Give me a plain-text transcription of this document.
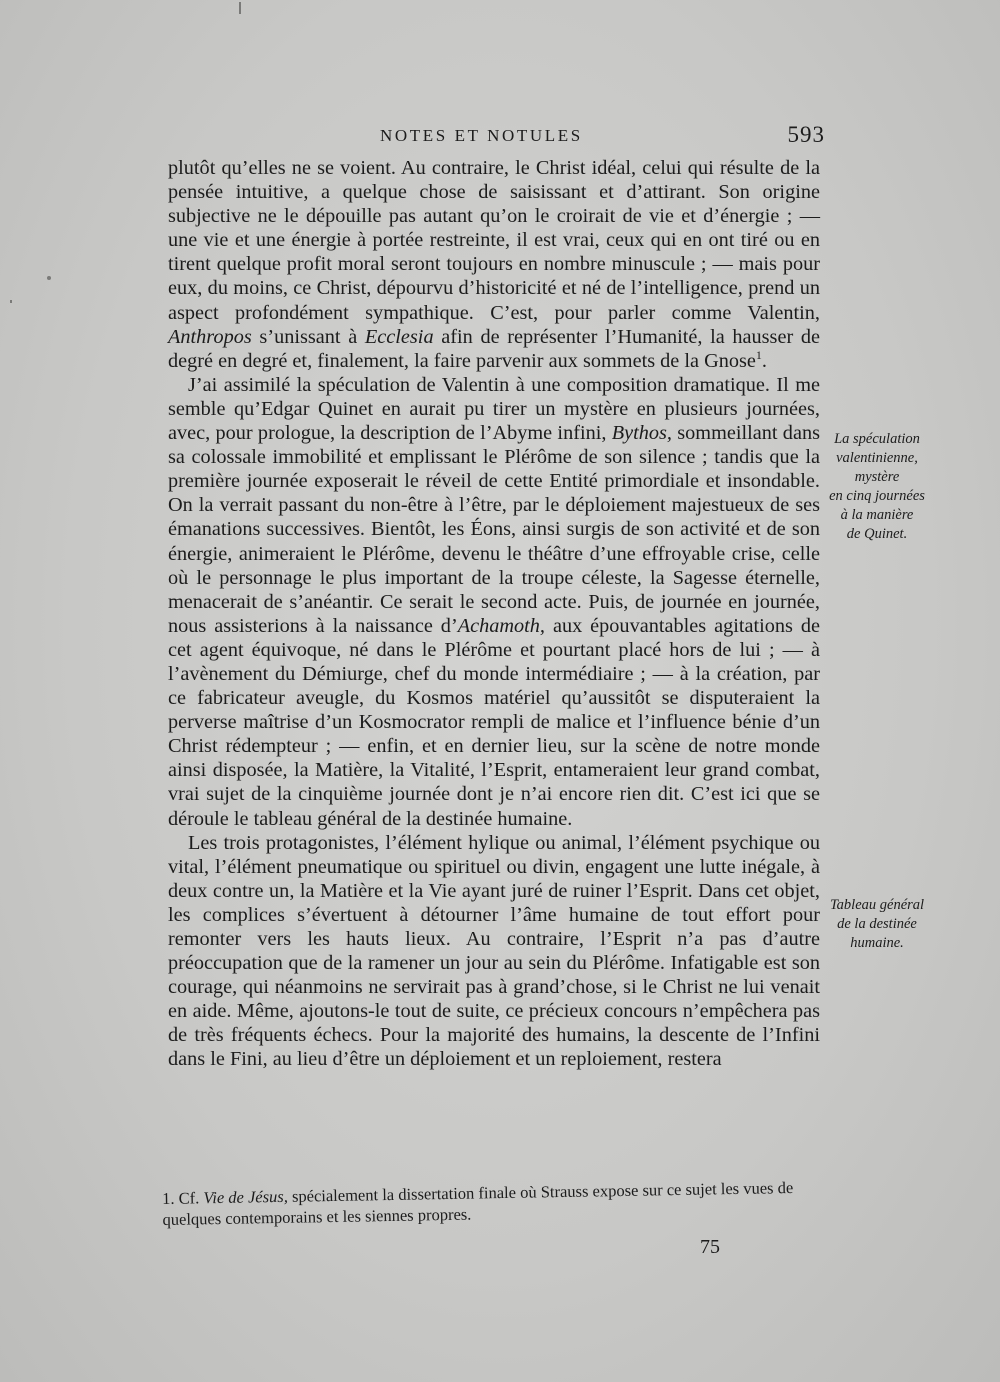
NOTES ET NOTULES	593

plutôt qu’elles ne se voient. Au contraire, le Christ idéal, celui qui résulte de la pensée intuitive, a quelque chose de saisissant et d’attirant. Son origine subjective ne le dépouille pas autant qu’on le croirait de vie et d’énergie ; — une vie et une énergie à portée restreinte, il est vrai, ceux qui en ont tiré ou en tirent quelque profit moral seront toujours en nombre minuscule ; — mais pour eux, du moins, ce Christ, dépourvu d’historicité et né de l’intelligence, prend un aspect profondément sympathique. C’est, pour parler comme Valentin, Anthropos s’unissant à Ecclesia afin de représenter l’Humanité, la hausser de degré en degré et, finalement, la faire parvenir aux sommets de la Gnose$^1$.

J’ai assimilé la spéculation de Valentin à une composition dramatique. Il me semble qu’Edgar Quinet en aurait pu tirer un mystère en plusieurs journées, avec, pour prologue, la description de l’Abyme infini, Bythos, sommeillant dans sa colossale immobilité et emplissant le Plérôme de son silence ; tandis que la première journée exposerait le réveil de cette Entité primordiale et insondable. On la verrait passant du non-être à l’être, par le déploiement majestueux de ses émanations successives. Bientôt, les Éons, ainsi surgis de son activité et de son énergie, animeraient le Plérôme, devenu le théâtre d’une effroyable crise, celle où le personnage le plus important de la troupe céleste, la Sagesse éternelle, menacerait de s’anéantir. Ce serait le second acte. Puis, de journée en journée, nous assisterions à la naissance d’Achamoth, aux épouvantables agitations de cet agent équivoque, né dans le Plérôme et pourtant placé hors de lui ; — à l’avènement du Démiurge, chef du monde intermédiaire ; — à la création, par ce fabricateur aveugle, du Kosmos matériel qu’aussitôt se disputeraient la perverse maîtrise d’un Kosmocrator rempli de malice et l’influence bénie d’un Christ rédempteur ; — enfin, et en dernier lieu, sur la scène de notre monde ainsi disposée, la Matière, la Vitalité, l’Esprit, entameraient leur grand combat, vrai sujet de la cinquième journée dont je n’ai encore rien dit. C’est ici que se déroule le tableau général de la destinée humaine.

Les trois protagonistes, l’élément hylique ou animal, l’élément psychique ou vital, l’élément pneumatique ou spirituel ou divin, engagent une lutte inégale, à deux contre un, la Matière et la Vie ayant juré de ruiner l’Esprit. Dans cet objet, les complices s’évertuent à détourner l’âme humaine de tout effort pour remonter vers les hauts lieux. Au contraire, l’Esprit n’a pas d’autre préoccupation que de la ramener un jour au sein du Plérôme. Infatigable est son courage, qui néanmoins ne servirait pas à grand’chose, si le Christ ne lui venait en aide. Même, ajoutons-le tout de suite, ce précieux concours n’empêchera pas de très fréquents échecs. Pour la majorité des humains, la descente de l’Infini dans le Fini, au lieu d’être un déploiement et un reploiement, restera

La spéculation
valentinienne,
mystère
en cinq journées
à la manière
de Quinet.
Tableau général
de la destinée
humaine.
1. Cf. Vie de Jésus, spécialement la dissertation finale où Strauss expose sur ce sujet les vues de quelques contemporains et les siennes propres.
75
